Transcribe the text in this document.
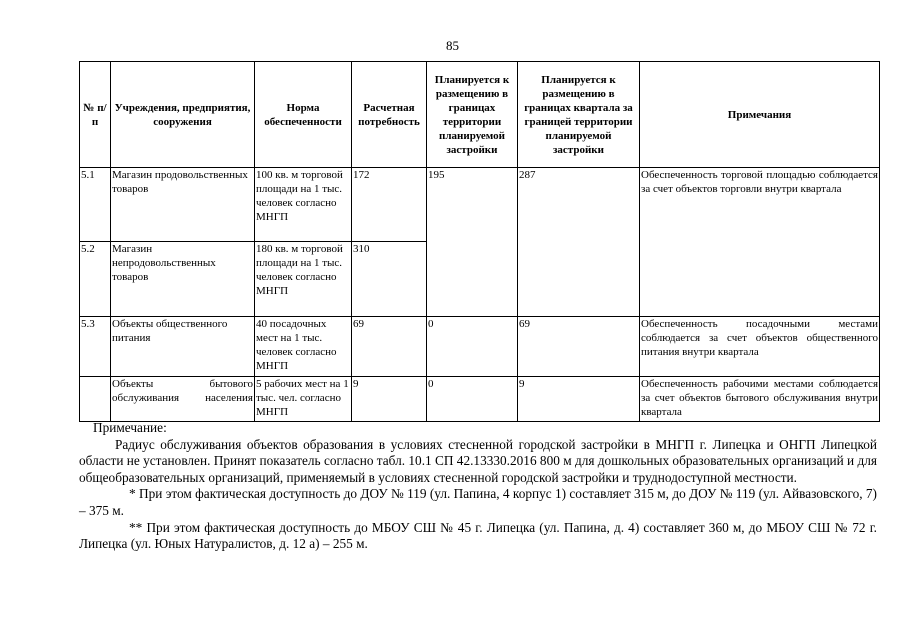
85
№ п/п	Учреждения, предприятия, сооружения	Норма обеспеченности	Расчетная потребность	Планируется к размещению в границах территории планируемой застройки	Планируется к размещению в границах квартала за границей территории планируемой застройки	Примечания
5.1	Магазин продовольственных товаров	100 кв. м торговой площади на 1 тыс. человек согласно МНГП	172	195	287	Обеспеченность торговой площадью соблюдается за счет объектов торговли внутри квартала
5.2	Магазин непродовольственных товаров	180 кв. м торговой площади на 1 тыс. человек согласно МНГП	310			
5.3	Объекты общественного питания	40 посадочных мест на 1 тыс. человек согласно МНГП	69	0	69	Обеспеченность посадочными местами соблюдается за счет объектов общественного питания внутри квартала
	Объекты бытового обслуживания населения	5 рабочих мест на 1 тыс. чел. согласно МНГП	9	0	9	Обеспеченность рабочими местами соблюдается за счет объектов бытового обслуживания внутри квартала

Примечание:

Радиус обслуживания объектов образования в условиях стесненной городской застройки в МНГП г. Липецка и ОНГП Липецкой области не установлен. Принят показатель согласно табл. 10.1 СП 42.13330.2016 800 м для дошкольных образовательных организаций и для общеобразовательных организаций, применяемый в условиях стесненной городской застройки и труднодоступной местности.

* При этом фактическая доступность до ДОУ № 119 (ул. Папина, 4 корпус 1) составляет 315 м, до ДОУ № 119 (ул. Айвазовского, 7) – 375 м.

** При этом фактическая доступность до МБОУ СШ № 45 г. Липецка (ул. Папина, д. 4) составляет 360 м, до МБОУ СШ № 72 г. Липецка (ул. Юных Натуралистов, д. 12 а) – 255 м.
